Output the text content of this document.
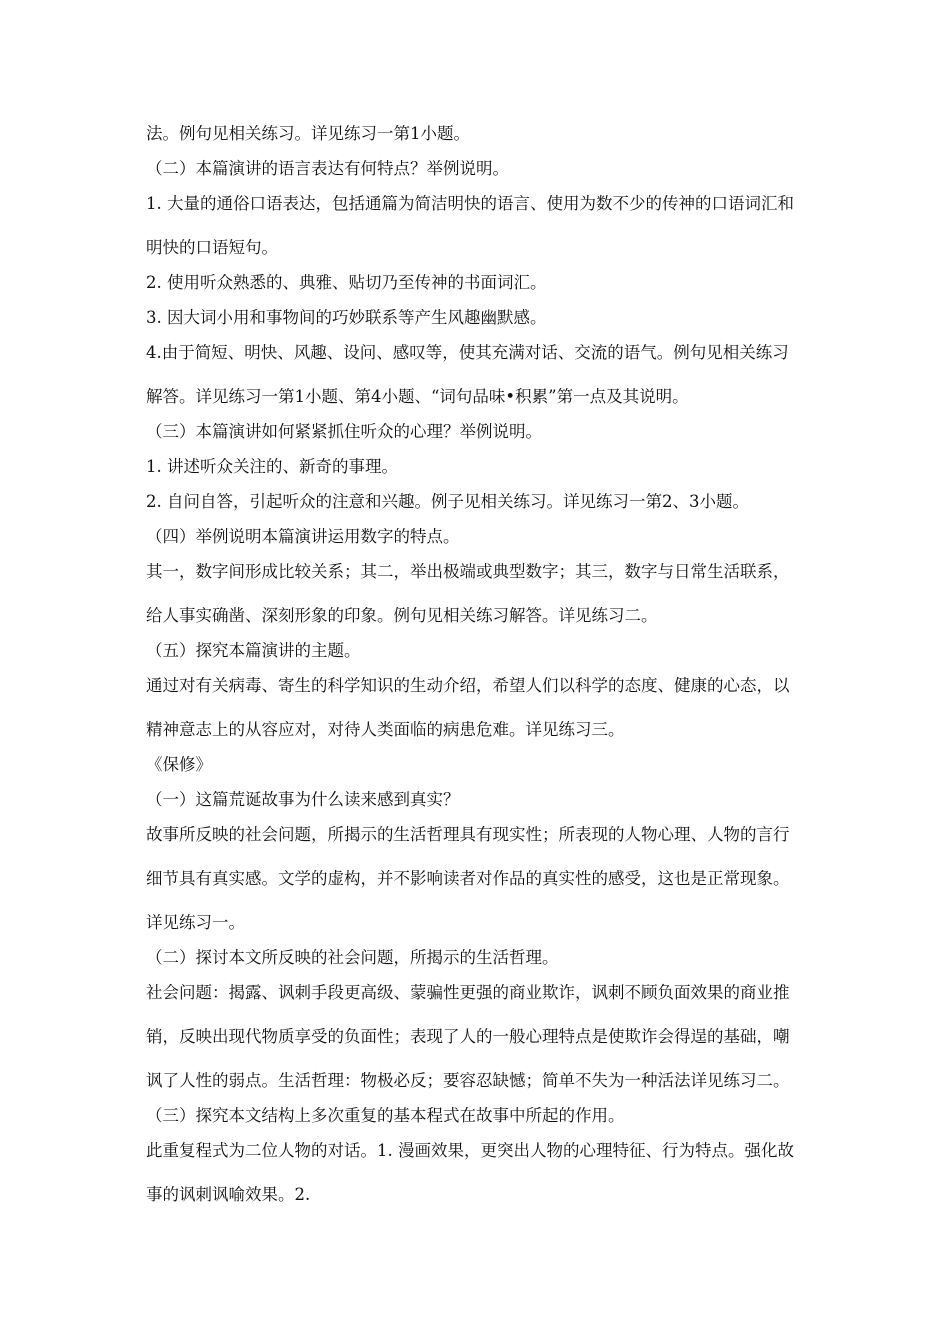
法。例句见相关练习。详见练习一第1小题。
（二）本篇演讲的语言表达有何特点？举例说明。
1. 大量的通俗口语表达，包括通篇为简洁明快的语言、使用为数不少的传神的口语词汇和
明快的口语短句。
2. 使用听众熟悉的、典雅、贴切乃至传神的书面词汇。
3. 因大词小用和事物间的巧妙联系等产生风趣幽默感。
4.由于简短、明快、风趣、设问、感叹等，使其充满对话、交流的语气。例句见相关练习
解答。详见练习一第1小题、第4小题、“词句品味•积累”第一点及其说明。
（三）本篇演讲如何紧紧抓住听众的心理？举例说明。
1. 讲述听众关注的、新奇的事理。
2. 自问自答，引起听众的注意和兴趣。例子见相关练习。详见练习一第2、3小题。
（四）举例说明本篇演讲运用数字的特点。
其一，数字间形成比较关系；其二，举出极端或典型数字；其三，数字与日常生活联系，
给人事实确凿、深刻形象的印象。例句见相关练习解答。详见练习二。
（五）探究本篇演讲的主题。
通过对有关病毒、寄生的科学知识的生动介绍，希望人们以科学的态度、健康的心态，以
精神意志上的从容应对，对待人类面临的病患危难。详见练习三。
《保修》
（一）这篇荒诞故事为什么读来感到真实？
故事所反映的社会问题，所揭示的生活哲理具有现实性；所表现的人物心理、人物的言行
细节具有真实感。文学的虚构，并不影响读者对作品的真实性的感受，这也是正常现象。
详见练习一。
（二）探讨本文所反映的社会问题，所揭示的生活哲理。
社会问题：揭露、讽刺手段更高级、蒙骗性更强的商业欺诈，讽刺不顾负面效果的商业推
销，反映出现代物质享受的负面性；表现了人的一般心理特点是使欺诈会得逞的基础，嘲
讽了人性的弱点。生活哲理：物极必反；要容忍缺憾；简单不失为一种活法详见练习二。
（三）探究本文结构上多次重复的基本程式在故事中所起的作用。
此重复程式为二位人物的对话。1. 漫画效果，更突出人物的心理特征、行为特点。强化故
事的讽刺讽喻效果。2.
